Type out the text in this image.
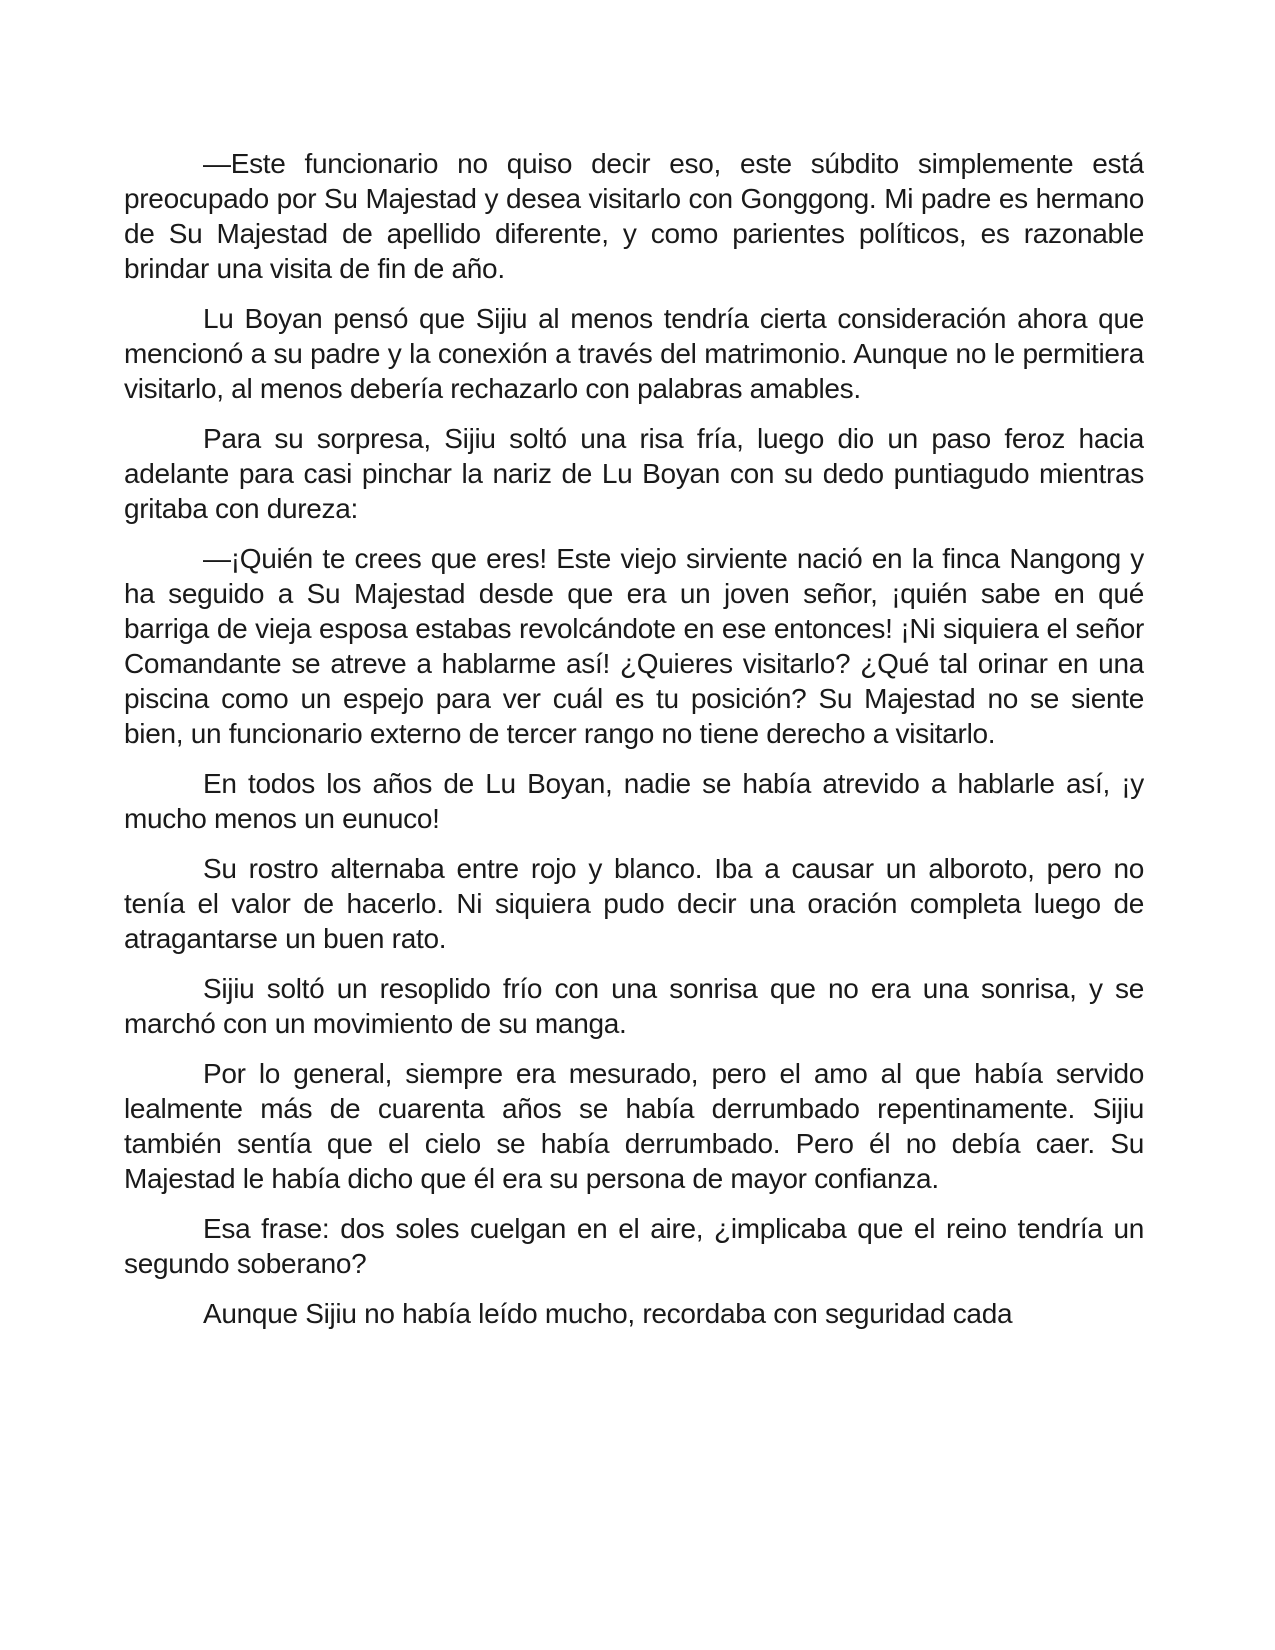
—Este funcionario no quiso decir eso, este súbdito simplemente está preocupado por Su Majestad y desea visitarlo con Gonggong. Mi padre es hermano de Su Majestad de apellido diferente, y como parientes políticos, es razonable brindar una visita de fin de año.

Lu Boyan pensó que Sijiu al menos tendría cierta consideración ahora que mencionó a su padre y la conexión a través del matrimonio. Aunque no le permitiera visitarlo, al menos debería rechazarlo con palabras amables.

Para su sorpresa, Sijiu soltó una risa fría, luego dio un paso feroz hacia adelante para casi pinchar la nariz de Lu Boyan con su dedo puntiagudo mientras gritaba con dureza:

—¡Quién te crees que eres! Este viejo sirviente nació en la finca Nangong y ha seguido a Su Majestad desde que era un joven señor, ¡quién sabe en qué barriga de vieja esposa estabas revolcándote en ese entonces! ¡Ni siquiera el señor Comandante se atreve a hablarme así! ¿Quieres visitarlo? ¿Qué tal orinar en una piscina como un espejo para ver cuál es tu posición? Su Majestad no se siente bien, un funcionario externo de tercer rango no tiene derecho a visitarlo.

En todos los años de Lu Boyan, nadie se había atrevido a hablarle así, ¡y mucho menos un eunuco!

Su rostro alternaba entre rojo y blanco. Iba a causar un alboroto, pero no tenía el valor de hacerlo. Ni siquiera pudo decir una oración completa luego de atragantarse un buen rato.

Sijiu soltó un resoplido frío con una sonrisa que no era una sonrisa, y se marchó con un movimiento de su manga.

Por lo general, siempre era mesurado, pero el amo al que había servido lealmente más de cuarenta años se había derrumbado repentinamente. Sijiu también sentía que el cielo se había derrumbado. Pero él no debía caer. Su Majestad le había dicho que él era su persona de mayor confianza.

Esa frase: dos soles cuelgan en el aire, ¿implicaba que el reino tendría un segundo soberano?

Aunque Sijiu no había leído mucho, recordaba con seguridad cada
